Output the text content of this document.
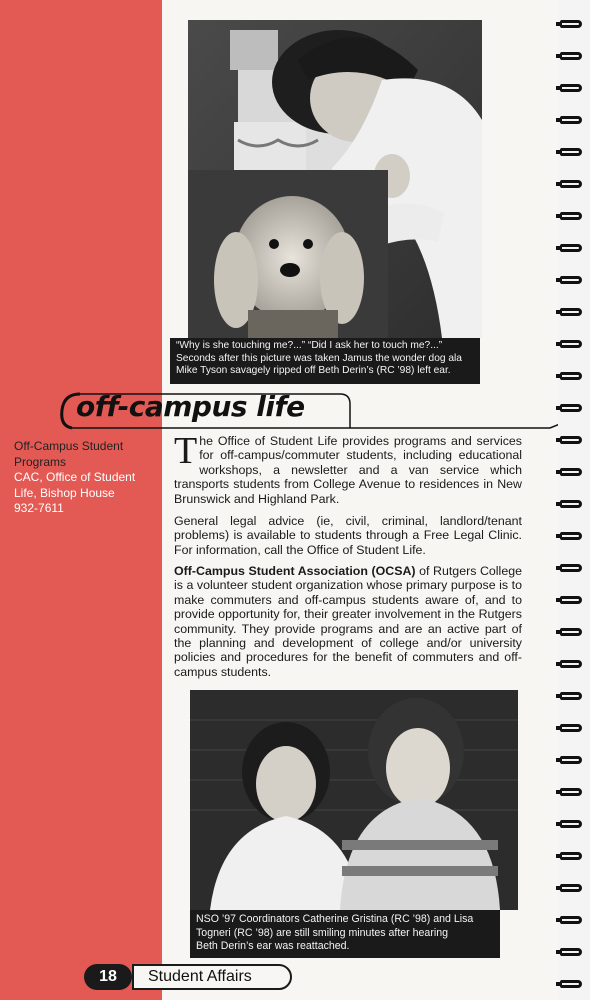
“Why is she touching me?...” “Did I ask her to touch me?...”
Seconds after this picture was taken Jamus the wonder dog ala
Mike Tyson savagely ripped off Beth Derin’s (RC ’98) left ear.
off-campus life
Off-Campus Student
Programs
CAC, Office of Student
Life, Bishop House
932-7611
The Office of Student Life provides programs and services for off-campus/commuter students, including educational workshops, a newsletter and a van service which transports students from College Avenue to residences in New Brunswick and Highland Park.
General legal advice (ie, civil, criminal, landlord/tenant problems) is available to students through a Free Legal Clinic. For information, call the Office of Student Life.
Off-Campus Student Association (OCSA) of Rutgers College is a volunteer student organization whose primary purpose is to make commuters and off-campus students aware of, and to provide opportunity for, their greater involvement in the Rutgers community. They provide programs and are an active part of the planning and development of college and/or university policies and procedures for the benefit of commuters and off-campus students.
NSO ’97 Coordinators Catherine Gristina (RC ’98) and Lisa
Togneri (RC ’98) are still smiling minutes after hearing
Beth Derin’s ear was reattached.
18	Student Affairs
